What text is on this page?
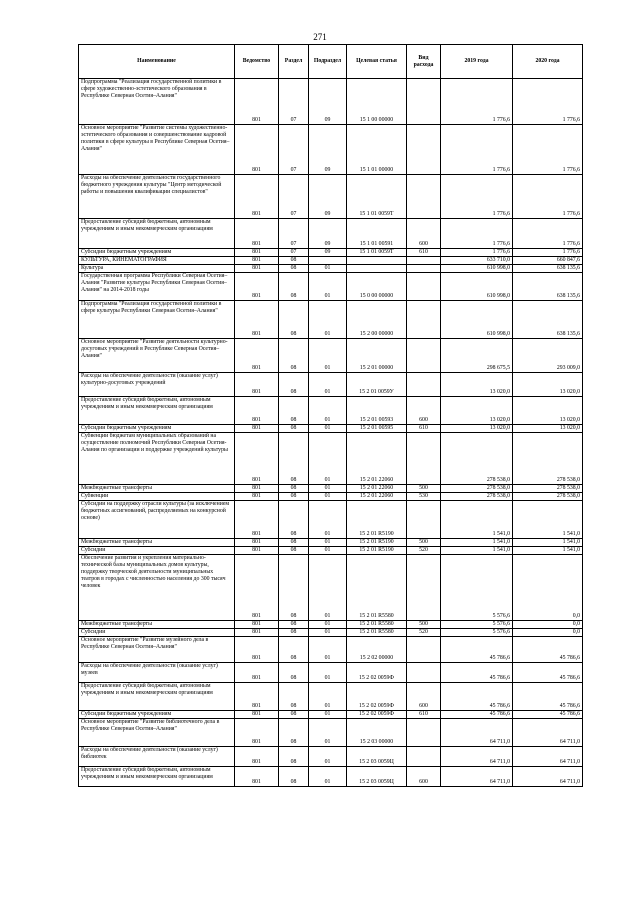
271
Наименование	Ведомство	Раздел	Подраздел	Целевая статья	Вид расхода	2019 года	2020 года
Подпрограмма "Реализация государственной политики в сфере художественно-эстетического образования в Республике Северная Осетия–Алания"	801	07	09	15 1 00 00000		1 776,6	1 776,6
Основное мероприятие "Развитие системы художественно-эстетического образования и совершенствование кадровой политики в сфере культуры в Республике Северная Осетия–Алания"	801	07	09	15 1 01 00000		1 776,6	1 776,6
Расходы на обеспечение деятельности государственного бюджетного учреждения культуры "Центр методической работы и повышения квалификации специалистов"	801	07	09	15 1 01 0059Т		1 776,6	1 776,6
Предоставление субсидий бюджетным, автономным учреждениям и иным некоммерческим организациям	801	07	09	15 1 01 00591	600	1 776,6	1 776,6
Субсидии бюджетным учреждениям	801	07	09	15 1 01 0059Т	610	1 776,6	1 776,6
КУЛЬТУРА, КИНЕМАТОГРАФИЯ	801	08				633 710,0	660 847,6
Культура	801	08	01			610 998,0	638 135,6
Государственная программа Республики Северная Осетия–Алания "Развитие культуры Республики Северная Осетия–Алания" на 2014-2018 годы	801	08	01	15 0 00 00000		610 998,0	638 135,6
Подпрограмма "Реализация государственной политики в сфере культуры Республики Северная Осетия–Алания"	801	08	01	15 2 00 00000		610 998,0	638 135,6
Основное мероприятие "Развитие деятельности культурно-досуговых учреждений в Республике Северная Осетия–Алания"	801	08	01	15 2 01 00000		298 675,5	293 009,0
Расходы на обеспечение деятельности (оказание услуг) культурно-досуговых учреждений	801	08	01	15 2 01 0059У		13 020,0	13 020,0
Предоставление субсидий бюджетным, автономным учреждениям и иным некоммерческим организациям	801	08	01	15 2 01 00593	600	13 020,0	13 020,0
Субсидии бюджетным учреждениям	801	08	01	15 2 01 00595	610	13 020,0	13 020,0
Субвенции бюджетам муниципальных образований на осуществление полномочий Республики Северная Осетия-Алания по организации и поддержке учреждений культуры	801	08	01	15 2 01 22060		278 538,0	278 538,0
Межбюджетные трансферты	801	08	01	15 2 01 22060	500	278 538,0	278 538,0
Субвенции	801	08	01	15 2 01 22060	530	278 538,0	278 538,0
Субсидии на поддержку отрасли культуры (за исключением бюджетных ассигнований, распределяемых на конкурсной основе)	801	08	01	15 2 01 R5190		1 541,0	1 541,0
Межбюджетные трансферты	801	08	01	15 2 01 R5190	500	1 541,0	1 541,0
Субсидии	801	08	01	15 2 01 R5190	520	1 541,0	1 541,0
Обеспечение развития и укрепления материально-технической базы муниципальных домов культуры, поддержку творческой деятельности муниципальных театров в городах с численностью населения до 300 тысяч человек	801	08	01	15 2 01 R5580		5 576,6	0,0
Межбюджетные трансферты	801	08	01	15 2 01 R5580	500	5 576,6	0,0
Субсидии	801	08	01	15 2 01 R5580	520	5 576,6	0,0
Основное мероприятие "Развитие музейного дела в Республике Северная Осетия–Алания"	801	08	01	15 2 02 00000		45 786,6	45 786,6
Расходы на обеспечение деятельности (оказание услуг) музеев	801	08	01	15 2 02 0059Ф		45 786,6	45 786,6
Предоставление субсидий бюджетным, автономным учреждениям и иным некоммерческим организациям	801	08	01	15 2 02 0059Ф	600	45 786,6	45 786,6
Субсидии бюджетным учреждениям	801	08	01	15 2 02 0059Ф	610	45 786,6	45 786,6
Основное мероприятие "Развитие библиотечного дела в Республике Северная Осетия–Алания"	801	08	01	15 2 03 00000		64 711,0	64 711,0
Расходы на обеспечение деятельности (оказание услуг) библиотек	801	08	01	15 2 03 0059Ц		64 711,0	64 711,0
Предоставление субсидий бюджетным, автономным учреждениям и иным некоммерческим организациям	801	08	01	15 2 03 0059Ц	600	64 711,0	64 711,0
